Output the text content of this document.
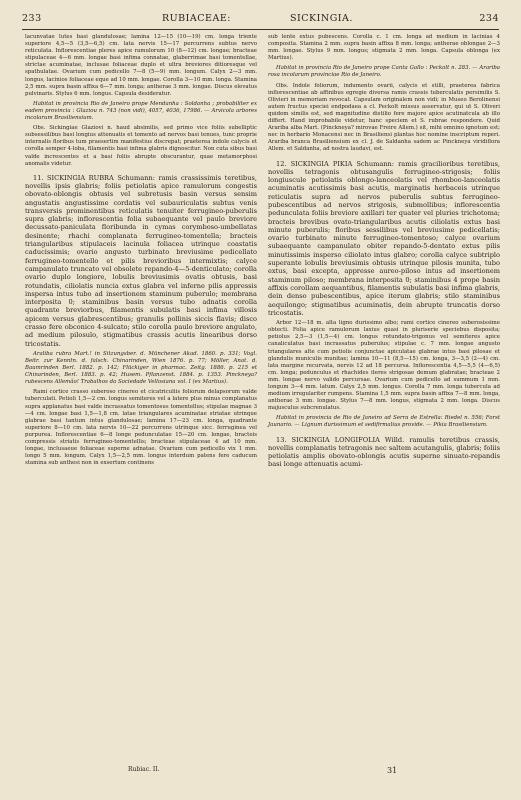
233	RUBIACEAE:	SICKINGIA.	234

lacunvatae lutes basi glandulosae; lamina 12—15 (10—19) cm. longa triente superiore 4,5—5 (3,5—6,5) cm. lata nervis 15—17 percurrens subtus nervo reticulata. Inflorescentiae pleres apice ramulorum 10 (8—12) cm. longae; bracteae stipulaceae 4—6 mm. longae basi infima connatae, glaberrimae basi tomentellae, strictae acuminatae, inclusae foliaceae duplo et ultra breviores ditioresque vel spathulatae. Ovarium cum pedicello 7—8 (5—9) mm. longum. Calyx 2—3 mm. longus, lacinios foliaceae eque ad 10 mm. longae. Corolla 3—10 mm. longa. Stamina 2,5 mm. supra basin affixa 6—7 mm. longa; antherae 3 mm. longae. Discus elevatus pulvinaris. Stylus 6 mm. longus. Capsula desideratur.

Habitat in provincia Rio de Janeiro prope Mendanha : Soldanha ; probabiliter ex eadem provincia : Glaziou n. 743 (non vidi), 4057, 4036, 17986. — Arvicola arbores incolarum Brasiliensium.

Obs. Sickingiae Glaziovi n. haud absimilis, sed primo vice foliis subelliptic subsessilibus basi longius attenuatis et tomento ad nervos basi tenues, tunc proprie internalis floribus tum praesertim manifestius discrepat; praeterea indole calycis et corolla semper 4-loba, filamentis basi infima glabris dignoscitur. Non cuta sibus basi valde increscentes et a basi foliis abrupte obscurantur, quae metamorphosi anomalis videtur.

11. SICKINGIA RUBRA Schumann: ramis crassissimis teretibus, novellis ipsis glabris; foliis petiolatis apice ramulorum congestis obovato-oblongis obtusis vel subretusis basin versus sensim angustatis angustissime cordatis vel subauriculatis subtus venis transversis prominentibus reticulatis tenuiter ferrugineo-puberulis supra glabris; inflorescentia folia subaequante vel paulo breviore decussato-paniculata floribunda in cymas corymboso-umbellatas desinente; rhachi complanata ferrugineo-tomentella; bracteis triangularibus stipulaceis lacinula foliacea utrinque coastatis caducissimis; ovario angusto turbinato breviusime pedicellato ferrugineo-tomentello et pilis brevioribus intermixtis; calyce campanulato truncato vel obsolete repando-4—5-denticulato; corolla ovario duplo longiore, lobulis breviusimis ovatis obtusis, basi rotundatis, ciliolatis nuncia extus glabra vel inferne pilis appressis inspersa intus tubo ad insertionem staminum puberulo; membrana interposita 0; staminibus basin versus tubo adnatis corolla quadrante breviorbus, filamentis subulatis basi infima villosis apicem versus glabrescentibus; granulis pollinis siccis flavis; disco crasso fere obconico 4-sulcato; stilo corolla paulo breviore angulato, ad medium pilosulo, stigmatibus crassis acutis linearibus dorso tricostatis.

Araliba rubra Mart.! in Sitzungsber. d. Münchener Akad. 1860. p. 331; Vogl. Beitr. zur Kenntn. d. falsch. Chinarinden, Wien 1876. p. 77; Möller, Anat. d. Baumrinden Berl. 1882. p. 142; Flückiger in pharmac. Zeitg. 1886. p. 215 et Chinarinden, Berl. 1883. p. 42; Husem. Pflanzenst. 1884. p. 1353. Pinckneya? rubescens Allemão! Trabalhos da Sociedade Vellosiana vol. I (ex Martius).

Rami cortice crasso suberoso cinereo et cicatriculiis foliorum delapsorum valde tuberculati. Petioli 1,5—2 cm. longus semiteres vel a latere plus minus complanatus supra applanatus basi valde incrassatus tomentosus tomentellus; stipulae magnae 3—4 cm. longae basi 1,5—1,8 cm. latae triangulares acuminatae striatae utrinque glabrae basi tantum intus glandulosae; lamina 17—23 cm. longa, quadrante superiore 8—10 cm. lata nervis 10—22 percurrens utrinque sicc. ferruginea vel purpurea. Inflorescentiae 6—8 longe pedunculatae 15—20 cm. longae, bracteis compressis striatis ferrugineo-tomentellis; bracteae stipulaceae 4 ad 10 mm. longae, inclusaeue foliaceae superne adnatae. Ovarium cum pedicello vix 1 mm. longo 5 mm. longum. Calyx 1,5—2,5 mm. longus interdum patens fere caducum stamina sub anthesi non in exsertum continens

sub lente extus pubescens. Corolla c. 1 cm. longa ad medium in lacinias 4 composita. Stamina 2 mm. supra basin affixa 8 mm. longa; antherae oblongae 2—3 mm. longae. Stylus 9 mm. longus; stigmata 2 mm. longa. Capsula oblonga (ex Martius).

Habitat in provincia Rio de Janeiro prope Canta Gallo : Peckolt n. 283. — Arariba rosa incolarum provinciae Rio de Janeiro.

Obs. Indole foliorum, indumento ovarii, calycis et stilli, praeterea fabrica inflorescentiae ab affinibus egregie diversa ramis crassis tuberculatis persimilis S. Olivieri in memoriam revocat. Capsulam originalem non vidi; in Museo Berolinensi autem fructus speciei endpodaea a cl. Peckolt missus asservatur, qui ut S. Oliveri quidem similis est, sed magnitudine distilio fere majore apice acutinatcula ab illo differt. Hand improbabile videtur, hanc speciem et S. rubrae respondere. Quid Arariba alba Mart. (Pinckneya? mirovae Freire Allem.) sit, mihi omnino ignotum est; nec in herbario Monacensi nec in Brasiliensi plantas hoc nomine inscriptum reperi. Arariba branca Brasiliensium ex cl. J. de Saldanha sadem ac Pinckneya viridiflora Allem. et Saldanha, ad nostra laudavi, est.

12. SICKINGIA PIKIA Schumann: ramis gracilioribus teretibus, novellis tetragonis obtusangulis ferrugineo-strigosis; foliis longiuscule petiolatis oblongo-lanceolatis vel rhomboo-lanceolatis acuminatis acutissimis basi acutis, marginatis herbaceis utrinque reticulatis supra ad nervos puberulis subtus ferrugineo-pubescentibus ad nervos strigosis, submollibus; inflorescentia pedunculata foliis breviore axillari ter quater vel pluries trichotoma; bracteis brevibus ovato-triangularibus acutis ciliolatis extus basi minute puberulis; floribus sessilibus vel breviusime pedicellatis; ovario turbinato minute ferrugineo-tomentoso; calyce ovarium subaequante campanulato obiter repando-5-dentato extus pilis minutissimis inspersо ciliolato intus glabro; corolla calyce subtriplo superante lobulis breviusimis obtusis utrinque pilosis munita, tubo extus, basi excepta, appresse aureo-piloso intus ad insertionem staminum pilosо; membrana interposita 0; staminibus 4 prope basin affixis corollam aequantibus, filamentis subulatis basi infima glabris, dein denso pubescentibus, apice iterum glabris; stilo staminibus aequilongo; stigmatibus acuminatis, dein abrupte truncatis dorso tricostatis.

Arbor 12—18 m. alta ligno durissimo albo; rami cortice cinereo suberosissime obtecti. Folia apice ramulorum laxius quasi in pluriserie speciebus disposita; petiolus 2,5—3 (1,5—4) cm. longus rotundato-trigonus vel semiteres apice canaliculatus basi incrassatus puberulus; stipulae c. 7 mm. longae angusto triangulares alte cum petiolis conjunctae apiculatae glabrae intus basi pilosae et glandulis municulis munitae; lamina 10—11 (8,5—15) cm. longa, 3—3,5 (2—4) cm. lata margine recurvata, nervis 12 ad 18 percursa. Inflorescentia 4,5—5,5 (4—6,5) cm. longa; pedunculus et rhachides iteres strigosae demum glabratae; bracteae 2 mm. longae nervo valido percursae. Ovarium cum pedicello ad summum 1 mm. longum 3—4 mm. latum. Calyx 2,5 mm. longus. Corolla 7 mm. longa tubercula ad medium irregulariter rumpens. Stamina 1,5 mm. supra basin affixa 7—8 mm. longa, antherae 3 mm. longae. Stylus 7—8 mm. longus, stigmata 2 mm. longa. Discus majusculus subcrenulatus.

Habitat in provincia de Rio de Janeiro ad Serra de Estrella: Riedel n. 556; Forst Jaunario. — Lignum durissimum et sedifirmalius provide. — Pikia Brasiliensium.

13. SICKINGIA LONGIFOLIA Willd. ramulis teretibus crassis, novellis complanatis tetragonis nec saltem acutangulis, glabris; foliis petiolatis amplis obovato-oblongis acutis superne sinuato-repandis basi longe attenuatis acumi-

Rubiac. II.	31
